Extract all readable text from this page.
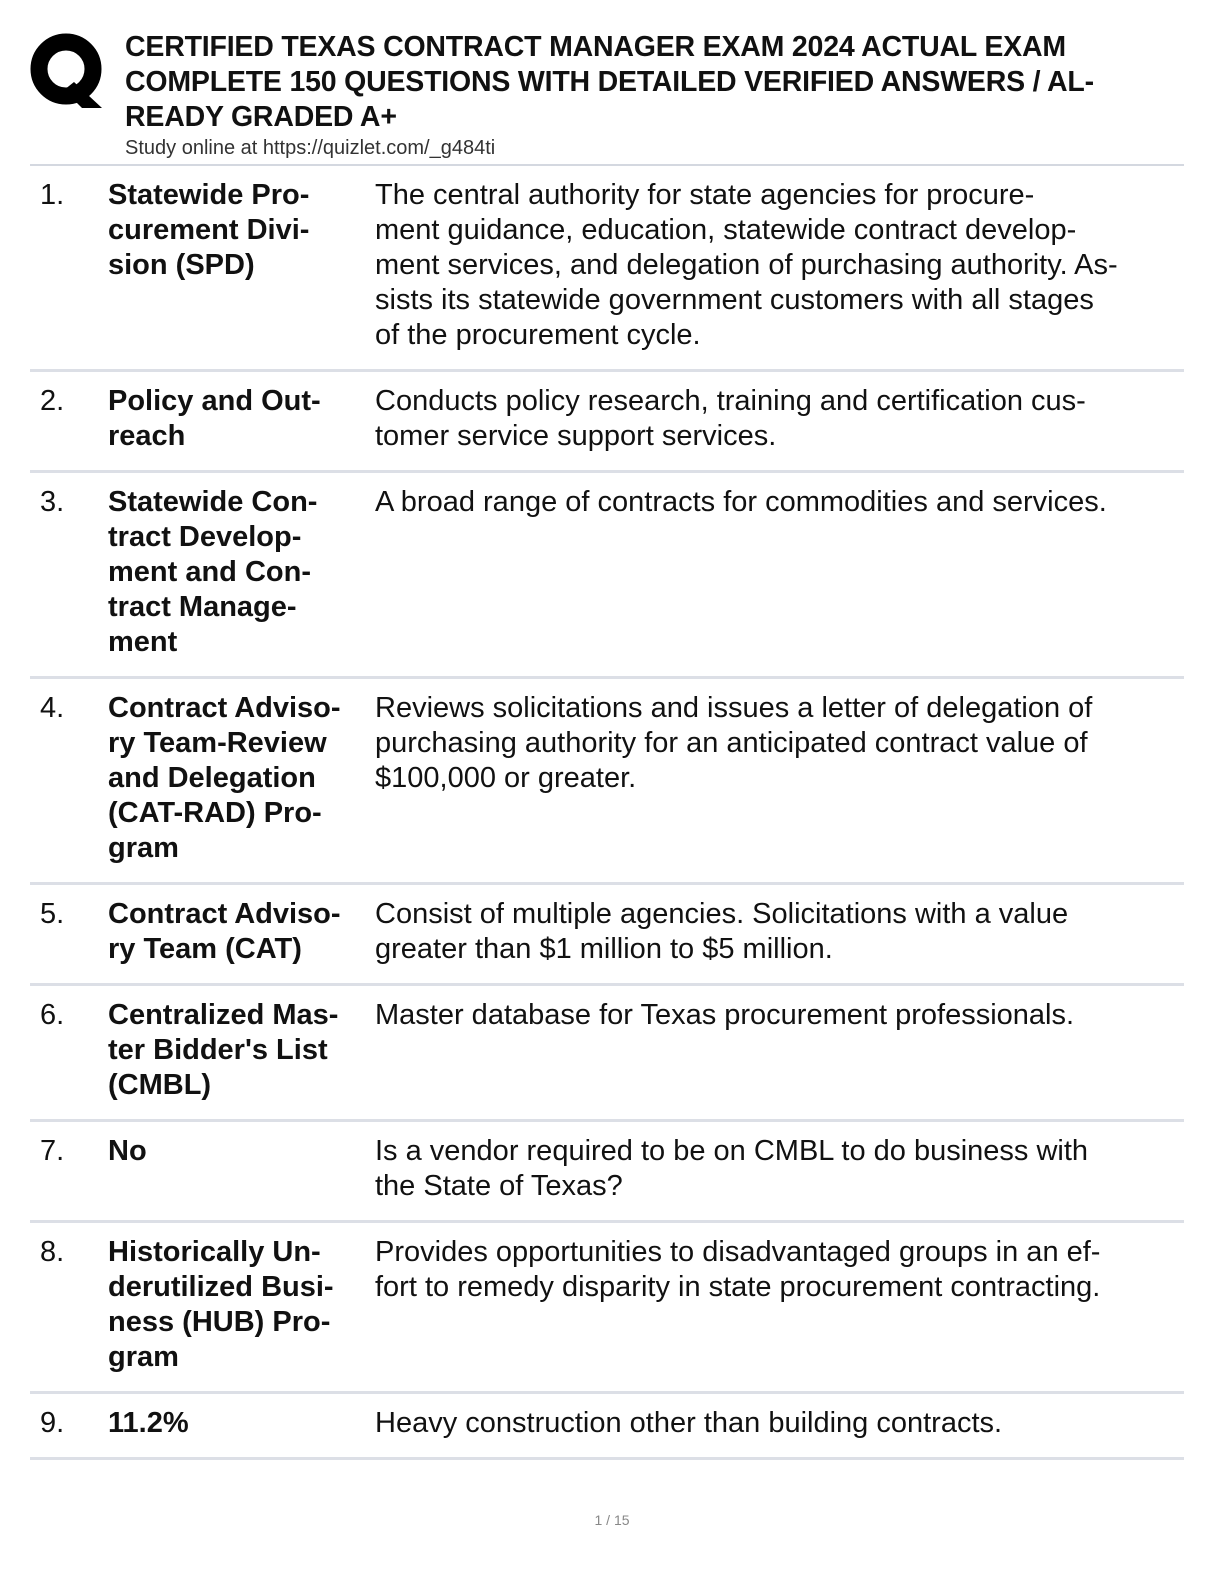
CERTIFIED TEXAS CONTRACT MANAGER EXAM 2024 ACTUAL EXAM
COMPLETE 150 QUESTIONS WITH DETAILED VERIFIED ANSWERS / AL-
READY GRADED A+
Study online at https://quizlet.com/_g484ti
1. Statewide Pro-
curement Divi-
sion (SPD)
The central authority for state agencies for procure-
ment guidance, education, statewide contract develop-
ment services, and delegation of purchasing authority. As-
sists its statewide government customers with all stages
of the procurement cycle.
2. Policy and Out-
reach
Conducts policy research, training and certification cus-
tomer service support services.
3. Statewide Con-
tract Develop-
ment and Con-
tract Manage-
ment
A broad range of contracts for commodities and services.
4. Contract Adviso-
ry Team-Review
and Delegation
(CAT-RAD) Pro-
gram
Reviews solicitations and issues a letter of delegation of
purchasing authority for an anticipated contract value of
$100,000 or greater.
5. Contract Adviso-
ry Team (CAT)
Consist of multiple agencies. Solicitations with a value
greater than $1 million to $5 million.
6. Centralized Mas-
ter Bidder's List
(CMBL)
Master database for Texas procurement professionals.
7. No	Is a vendor required to be on CMBL to do business with
the State of Texas?
8. Historically Un-
derutilized Busi-
ness (HUB) Pro-
gram
Provides opportunities to disadvantaged groups in an ef-
fort to remedy disparity in state procurement contracting.
9. 11.2%	Heavy construction other than building contracts.
1 / 15
